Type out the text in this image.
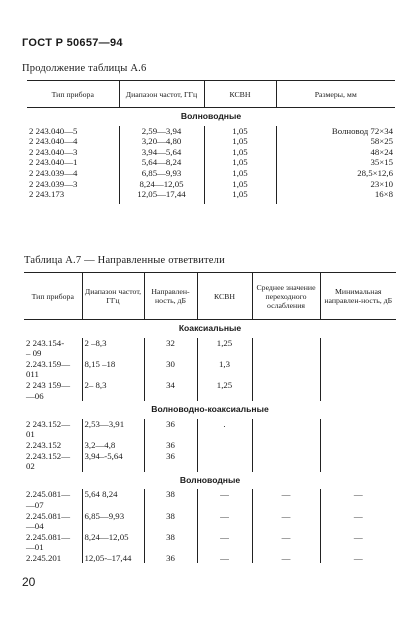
ГОСТ Р 50657—94
Продолжение таблицы А.6
Тип прибора	Диапазон частот, ГГц	КСВН	Размеры, мм
Волноводные			
2 243.040—5	2,59—3,94	1,05	Волновод 72×34
2 243.040—4	3,20—4,80	1,05	58×25
2 243.040—3	3,94—5,64	1,05	48×24
2 243.040—1	5,64—8,24	1,05	35×15
2 243.039—4	6,85—9,93	1,05	28,5×12,6
2 243.039—3	8,24—12,05	1,05	23×10
2 243.173	12,05—17,44	1,05	16×8
Таблица А.7 — Направленные ответвители
Тип прибора	Диапазон частот, ГГц	Направлен-ность, дБ	КСВН	Среднее значение переходного ослабления	Минимальная направлен-ность, дБ
Коаксиальные					
2 243.154-	2 –8,3	32	1,25		
– 09					
2.243.159—	8,15 –18	30	1,3		
011					
2 243 159—	2– 8,3	34	1,25		
—06					
Волноводно-коаксиальные					
2 243.152—	2,53—3,91	36	.		
01					
2.243.152	3,2—4,8	36			
2.243.152—	3,94–-5,64	36			
02					
Волноводные					
2.245.081—	5,64 8,24	38	—	—	—
—07					
2.245.081—	6,85—9,93	38	—	—	—
—04					
2.245.081—	8,24—12,05	38	—	—	—
—01					
2.245.201	12,05-–17,44	36	—	—	—
20
